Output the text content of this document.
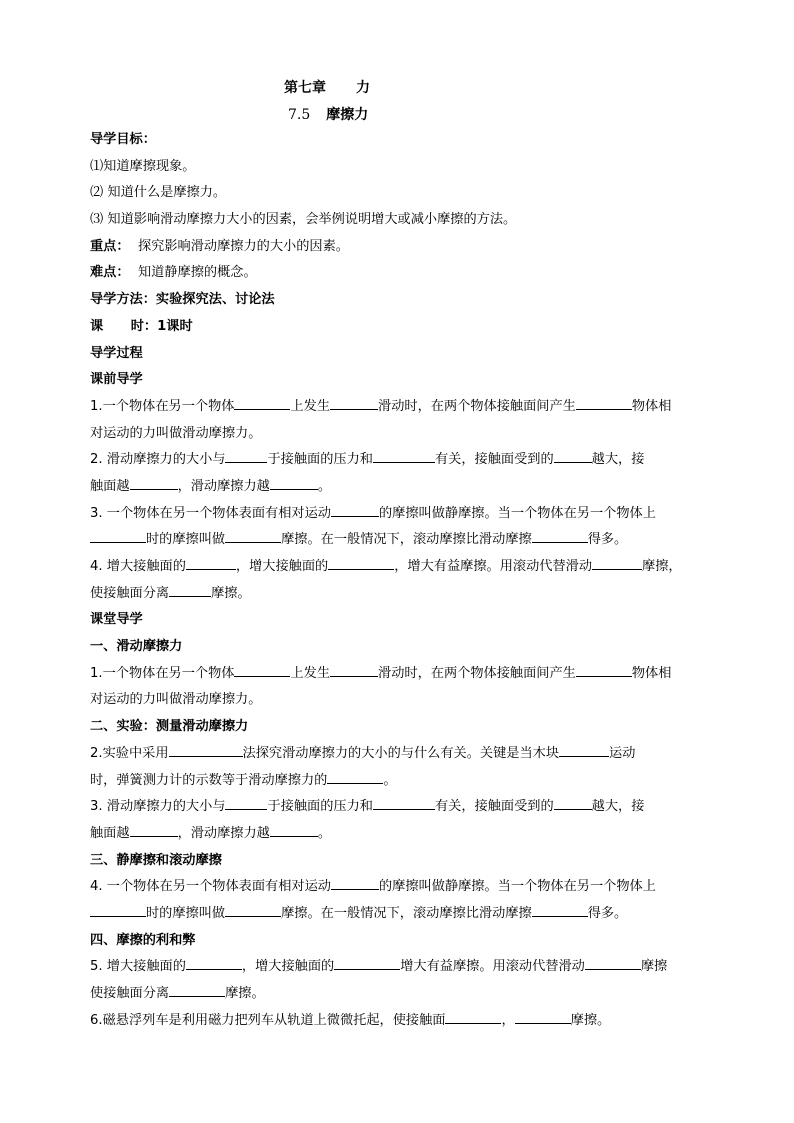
第七章 力
7.5 摩擦力
导学目标：
⑴知道摩擦现象。
⑵ 知道什么是摩擦力。
⑶ 知道影响滑动摩擦力大小的因素，会举例说明增大或减小摩擦的方法。
重点： 探究影响滑动摩擦力的大小的因素。
难点： 知道静摩擦的概念。
导学方法：实验探究法、讨论法
课 时：1课时
导学过程
课前导学
1.一个物体在另一个物体	上发生	滑动时，在两个物体接触面间产生	物体相
对运动的力叫做滑动摩擦力。
2. 滑动摩擦力的大小与	于接触面的压力和	有关，接触面受到的	越大，接
触面越	，滑动摩擦力越	。
3. 一个物体在另一个物体表面有相对运动	的摩擦叫做静摩擦。当一个物体在另一个物体上
时的摩擦叫做	摩擦。在一般情况下，滚动摩擦比滑动摩擦	得多。
4. 增大接触面的	，增大接触面的	，增大有益摩擦。用滚动代替滑动	摩擦，
使接触面分离	摩擦。
课堂导学
一、滑动摩擦力
1.一个物体在另一个物体	上发生	滑动时，在两个物体接触面间产生	物体相
对运动的力叫做滑动摩擦力。
二、实验：测量滑动摩擦力
2.实验中采用	法探究滑动摩擦力的大小的与什么有关。关键是当木块	运动
时，弹簧测力计的示数等于滑动摩擦力的	。
3. 滑动摩擦力的大小与	于接触面的压力和	有关，接触面受到的	越大，接
触面越	，滑动摩擦力越	。
三、静摩擦和滚动摩擦
4. 一个物体在另一个物体表面有相对运动	的摩擦叫做静摩擦。当一个物体在另一个物体上
时的摩擦叫做	摩擦。在一般情况下，滚动摩擦比滑动摩擦	得多。
四、摩擦的利和弊
5. 增大接触面的	，增大接触面的	增大有益摩擦。用滚动代替滑动	摩擦
使接触面分离	摩擦。
6.磁悬浮列车是利用磁力把列车从轨道上微微托起，使接触面	，	摩擦。
